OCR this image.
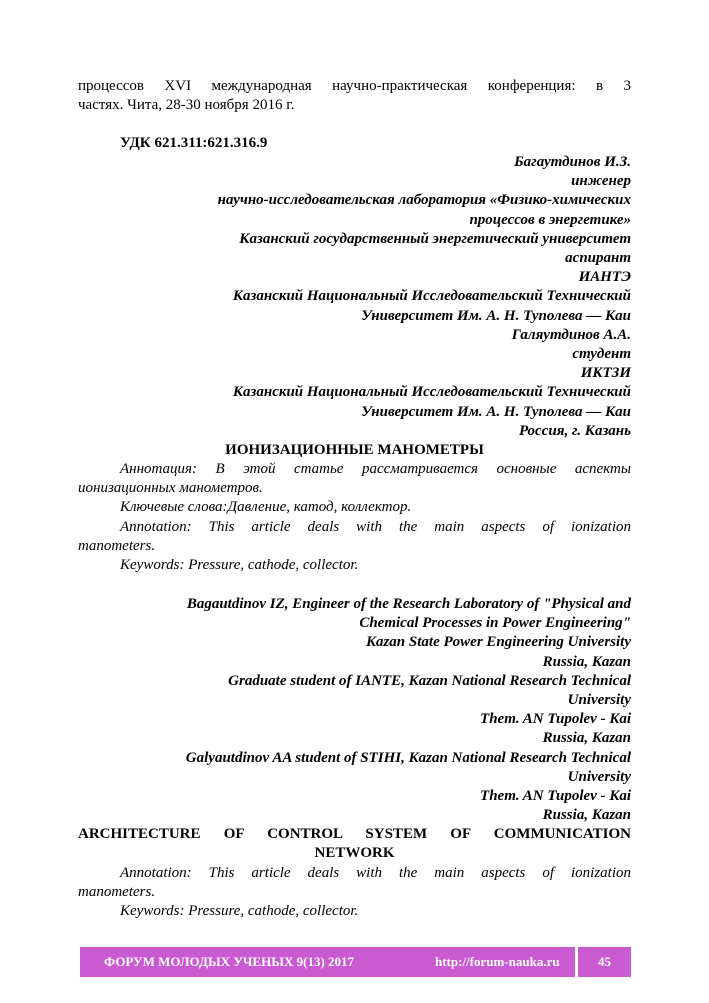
процессов XVI международная научно-практическая конференция: в 3
частях. Чита, 28-30 ноября 2016 г.
УДК 621.311:621.316.9
Багаутдинов И.З.
инженер
научно-исследовательская лаборатория «Физико-химических
процессов в энергетике»
Казанский государственный энергетический университет
аспирант
ИАНТЭ
Казанский Национальный Исследовательский Технический
Университет Им. А. Н. Туполева — Каи
Галяутдинов А.А.
студент
ИКТЗИ
Казанский Национальный Исследовательский Технический
Университет Им. А. Н. Туполева — Каи
Россия, г. Казань
ИОНИЗАЦИОННЫЕ МАНОМЕТРЫ
Аннотация: В этой статье рассматривается основные аспекты
ионизационных манометров.
Ключевые слова:Давление, катод, коллектор.
Annotation: This article deals with the main aspects of ionization
manometers.
Keywords: Pressure, cathode, collector.
Bagautdinov IZ, Engineer of the Research Laboratory of "Physical and
Chemical Processes in Power Engineering"
Kazan State Power Engineering University
Russia, Kazan
Graduate student of IANTE, Kazan National Research Technical
University
Them. AN Tupolev - Kai
Russia, Kazan
Galyautdinov AA student of STIHI, Kazan National Research Technical
University
Them. AN Tupolev - Kai
Russia, Kazan
ARCHITECTURE OF CONTROL SYSTEM OF COMMUNICATION
NETWORK
Annotation: This article deals with the main aspects of ionization
manometers.
Keywords: Pressure, cathode, collector.
ФОРУМ МОЛОДЫХ УЧЕНЫХ 9(13) 2017	http://forum-nauka.ru	45
